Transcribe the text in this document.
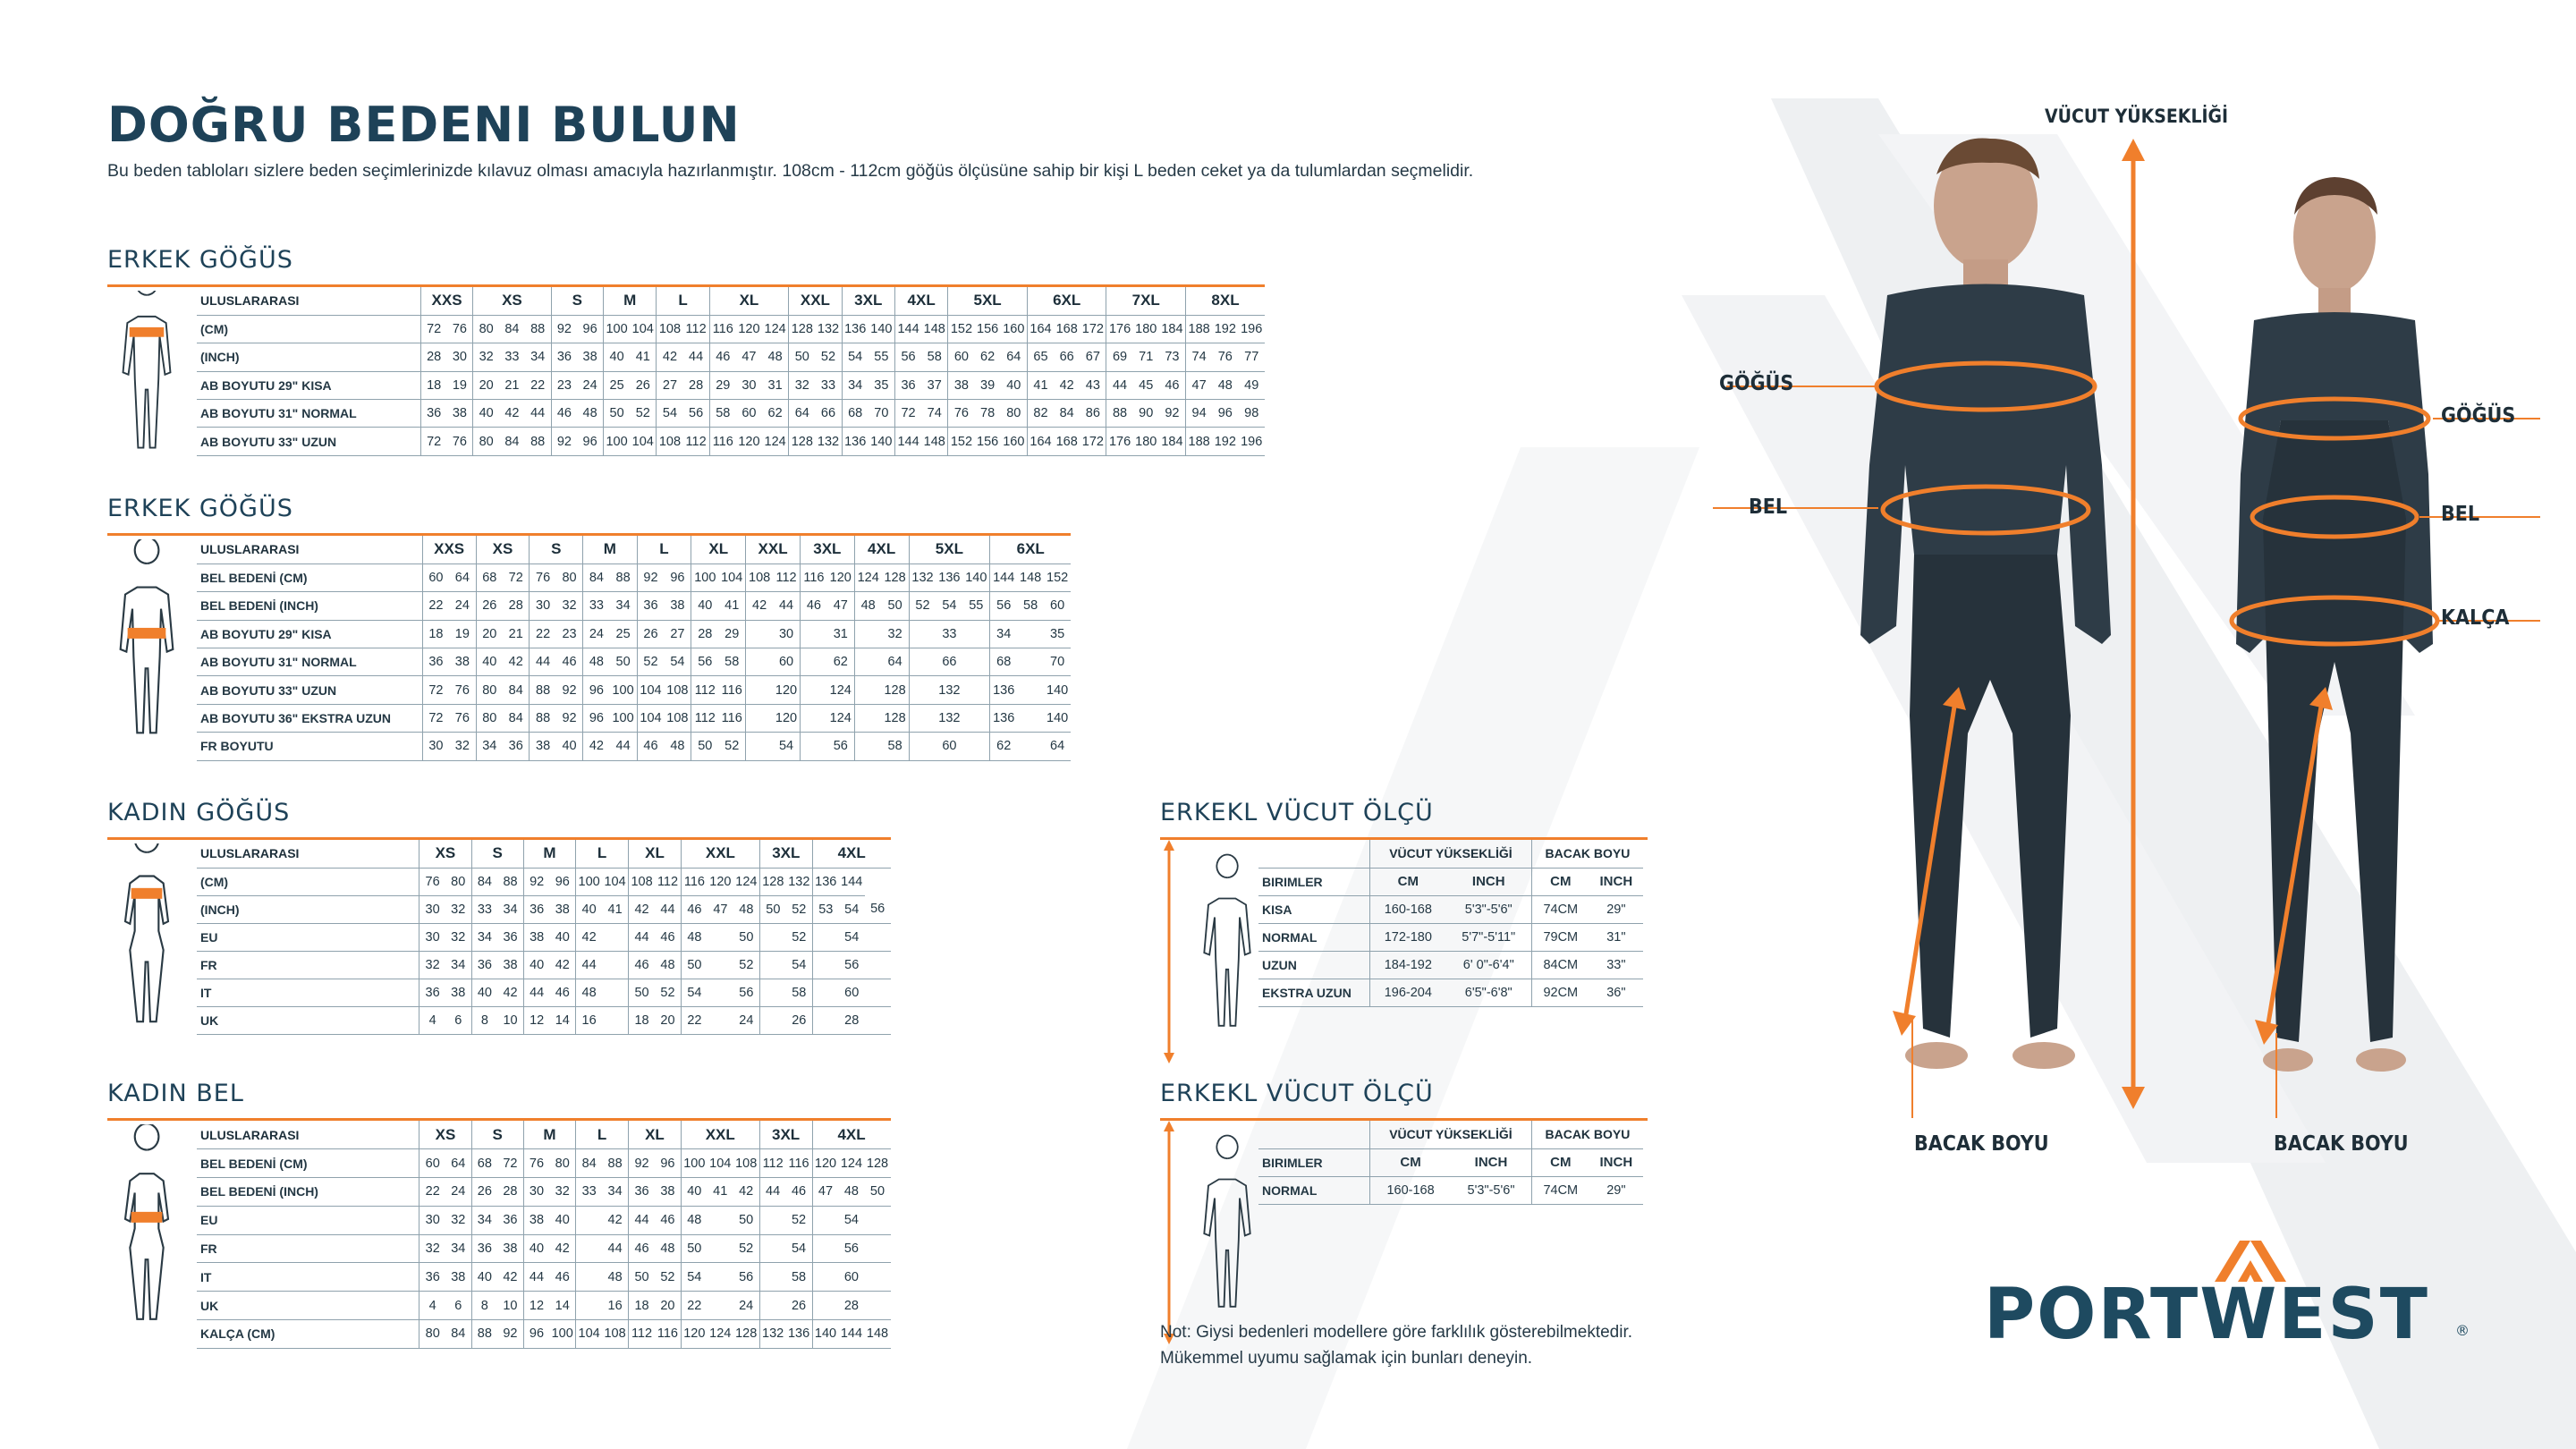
DOĞRU BEDENI BULUN
Bu beden tabloları sizlere beden seçimlerinizde kılavuz olması amacıyla hazırlanmıştır. 108cm - 112cm göğüs ölçüsüne sahip bir kişi L beden ceket ya da tulumlardan seçmelidir.
ERKEK GÖĞÜS
ERKEK GÖĞÜS
KADIN GÖĞÜS
KADIN BEL
ERKEKL VÜCUT ÖLÇÜ
ERKEKL VÜCUT ÖLÇÜ
ULUSLARARASI	XXS		XS			S		M		L		XL			XXL		3XL		4XL		5XL			6XL			7XL			8XL		
(CM)	72	76	80	84	88	92	96	100	104	108	112	116	120	124	128	132	136	140	144	148	152	156	160	164	168	172	176	180	184	188	192	196
(INCH)	28	30	32	33	34	36	38	40	41	42	44	46	47	48	50	52	54	55	56	58	60	62	64	65	66	67	69	71	73	74	76	77
AB BOYUTU 29" KISA	18	19	20	21	22	23	24	25	26	27	28	29	30	31	32	33	34	35	36	37	38	39	40	41	42	43	44	45	46	47	48	49
AB BOYUTU 31" NORMAL	36	38	40	42	44	46	48	50	52	54	56	58	60	62	64	66	68	70	72	74	76	78	80	82	84	86	88	90	92	94	96	98
AB BOYUTU 33" UZUN	72	76	80	84	88	92	96	100	104	108	112	116	120	124	128	132	136	140	144	148	152	156	160	164	168	172	176	180	184	188	192	196
ULUSLARARASI	XXS		XS		S		M		L		XL		XXL		3XL		4XL		5XL			6XL		
BEL BEDENİ (CM)	60	64	68	72	76	80	84	88	92	96	100	104	108	112	116	120	124	128	132	136	140	144	148	152
BEL BEDENİ (INCH)	22	24	26	28	30	32	33	34	36	38	40	41	42	44	46	47	48	50	52	54	55	56	58	60
AB BOYUTU 29" KISA	18	19	20	21	22	23	24	25	26	27	28	29		30		31		32		33		34		35
AB BOYUTU 31" NORMAL	36	38	40	42	44	46	48	50	52	54	56	58		60		62		64		66		68		70
AB BOYUTU 33" UZUN	72	76	80	84	88	92	96	100	104	108	112	116		120		124		128		132		136		140
AB BOYUTU 36" EKSTRA UZUN	72	76	80	84	88	92	96	100	104	108	112	116		120		124		128		132		136		140
FR BOYUTU	30	32	34	36	38	40	42	44	46	48	50	52		54		56		58		60		62		64
ULUSLARARASI	XS		S		M		L		XL		XXL			3XL		4XL		
(CM)	76	80	84	88	92	96	100	104	108	112	116	120	124	128	132	136	144	
(INCH)	30	32	33	34	36	38	40	41	42	44	46	47	48	50	52	53	54	56
EU	30	32	34	36	38	40	42		44	46	48		50		52		54	
FR	32	34	36	38	40	42	44		46	48	50		52		54		56	
IT	36	38	40	42	44	46	48		50	52	54		56		58		60	
UK	4	6	8	10	12	14	16		18	20	22		24		26		28	
ULUSLARARASI	XS		S		M		L		XL		XXL			3XL		4XL		
BEL BEDENİ (CM)	60	64	68	72	76	80	84	88	92	96	100	104	108	112	116	120	124	128
BEL BEDENİ (INCH)	22	24	26	28	30	32	33	34	36	38	40	41	42	44	46	47	48	50
EU	30	32	34	36	38	40		42	44	46	48		50		52		54	
FR	32	34	36	38	40	42		44	46	48	50		52		54		56	
IT	36	38	40	42	44	46		48	50	52	54		56		58		60	
UK	4	6	8	10	12	14		16	18	20	22		24		26		28	
KALÇA (CM)	80	84	88	92	96	100	104	108	112	116	120	124	128	132	136	140	144	148
	VÜCUT YÜKSEKLİĞİ		BACAK BOYU	
BIRIMLER	CM	INCH	CM	INCH
KISA	160-168	5'3"-5'6"	74CM	29"
NORMAL	172-180	5'7"-5'11"	79CM	31"
UZUN	184-192	6' 0"-6'4"	84CM	33"
EKSTRA UZUN	196-204	6'5"-6'8"	92CM	36"
	VÜCUT YÜKSEKLİĞİ		BACAK BOYU	
BIRIMLER	CM	INCH	CM	INCH
NORMAL	160-168	5'3"-5'6"	74CM	29"
Not: Giysi bedenleri modellere göre farklılık gösterebilmektedir.
Mükemmel uyumu sağlamak için bunları deneyin.
VÜCUT YÜKSEKLİĞİ
GÖĞÜS
BEL
GÖĞÜS
BEL
KALÇA
BACAK BOYU	BACAK BOYU
PORTWEST ®
